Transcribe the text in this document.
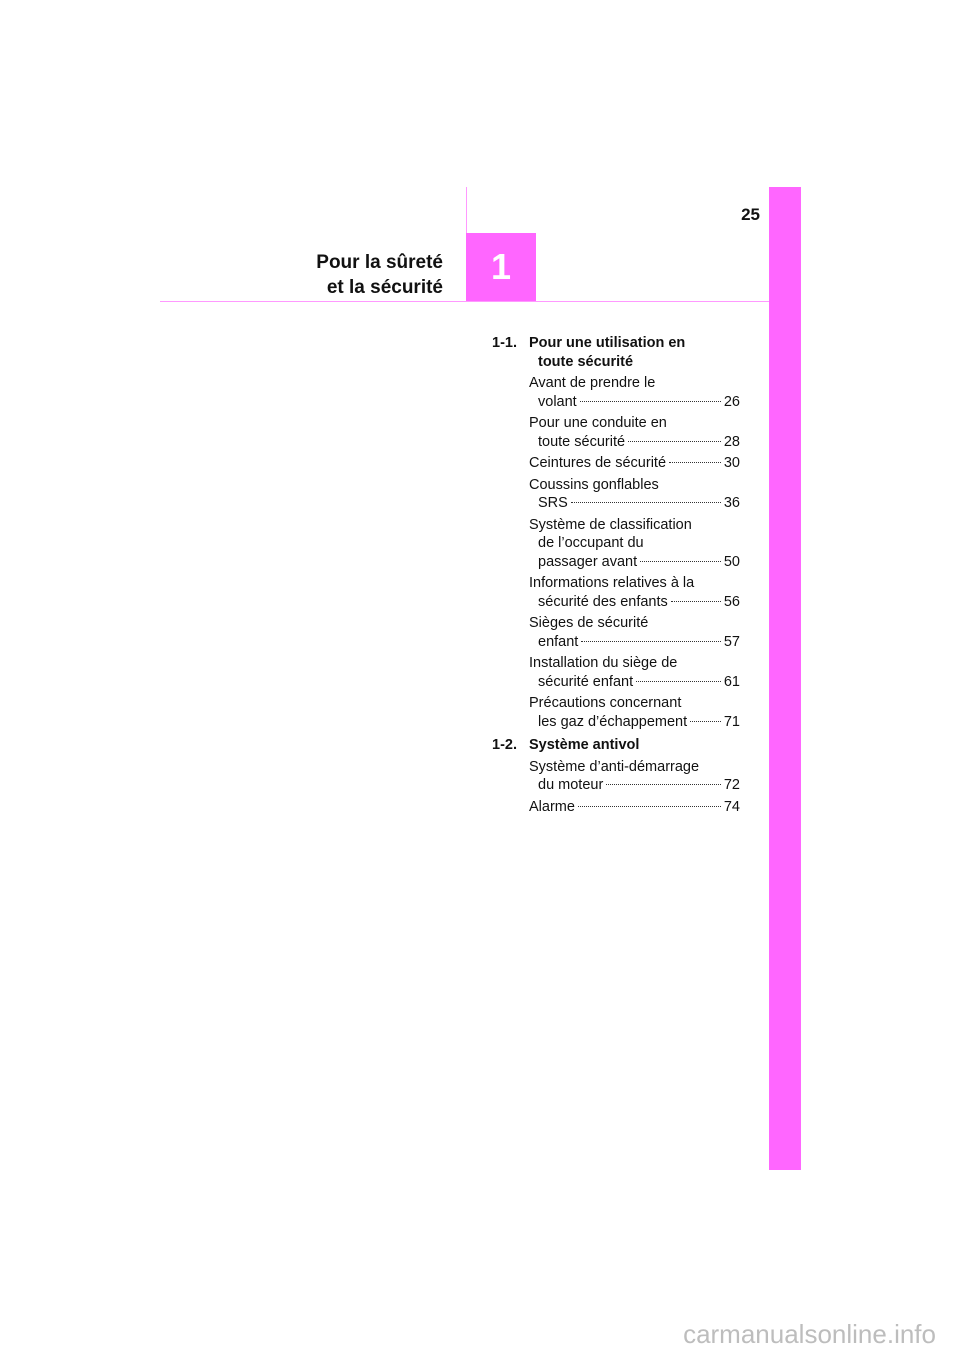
25
Pour la sûreté
et la sécurité
1
1-1. Pour une utilisation en
toute sécurité
Avant de prendre le
volant	26
Pour une conduite en
toute sécurité	28
Ceintures de sécurité	30
Coussins gonflables
SRS	36
Système de classification
de l’occupant du
passager avant	50
Informations relatives à la
sécurité des enfants	56
Sièges de sécurité
enfant	57
Installation du siège de
sécurité enfant	61
Précautions concernant
les gaz d’échappement	71
1-2. Système antivol
Système d’anti-démarrage
du moteur	72
Alarme	74
carmanualsonline.info
